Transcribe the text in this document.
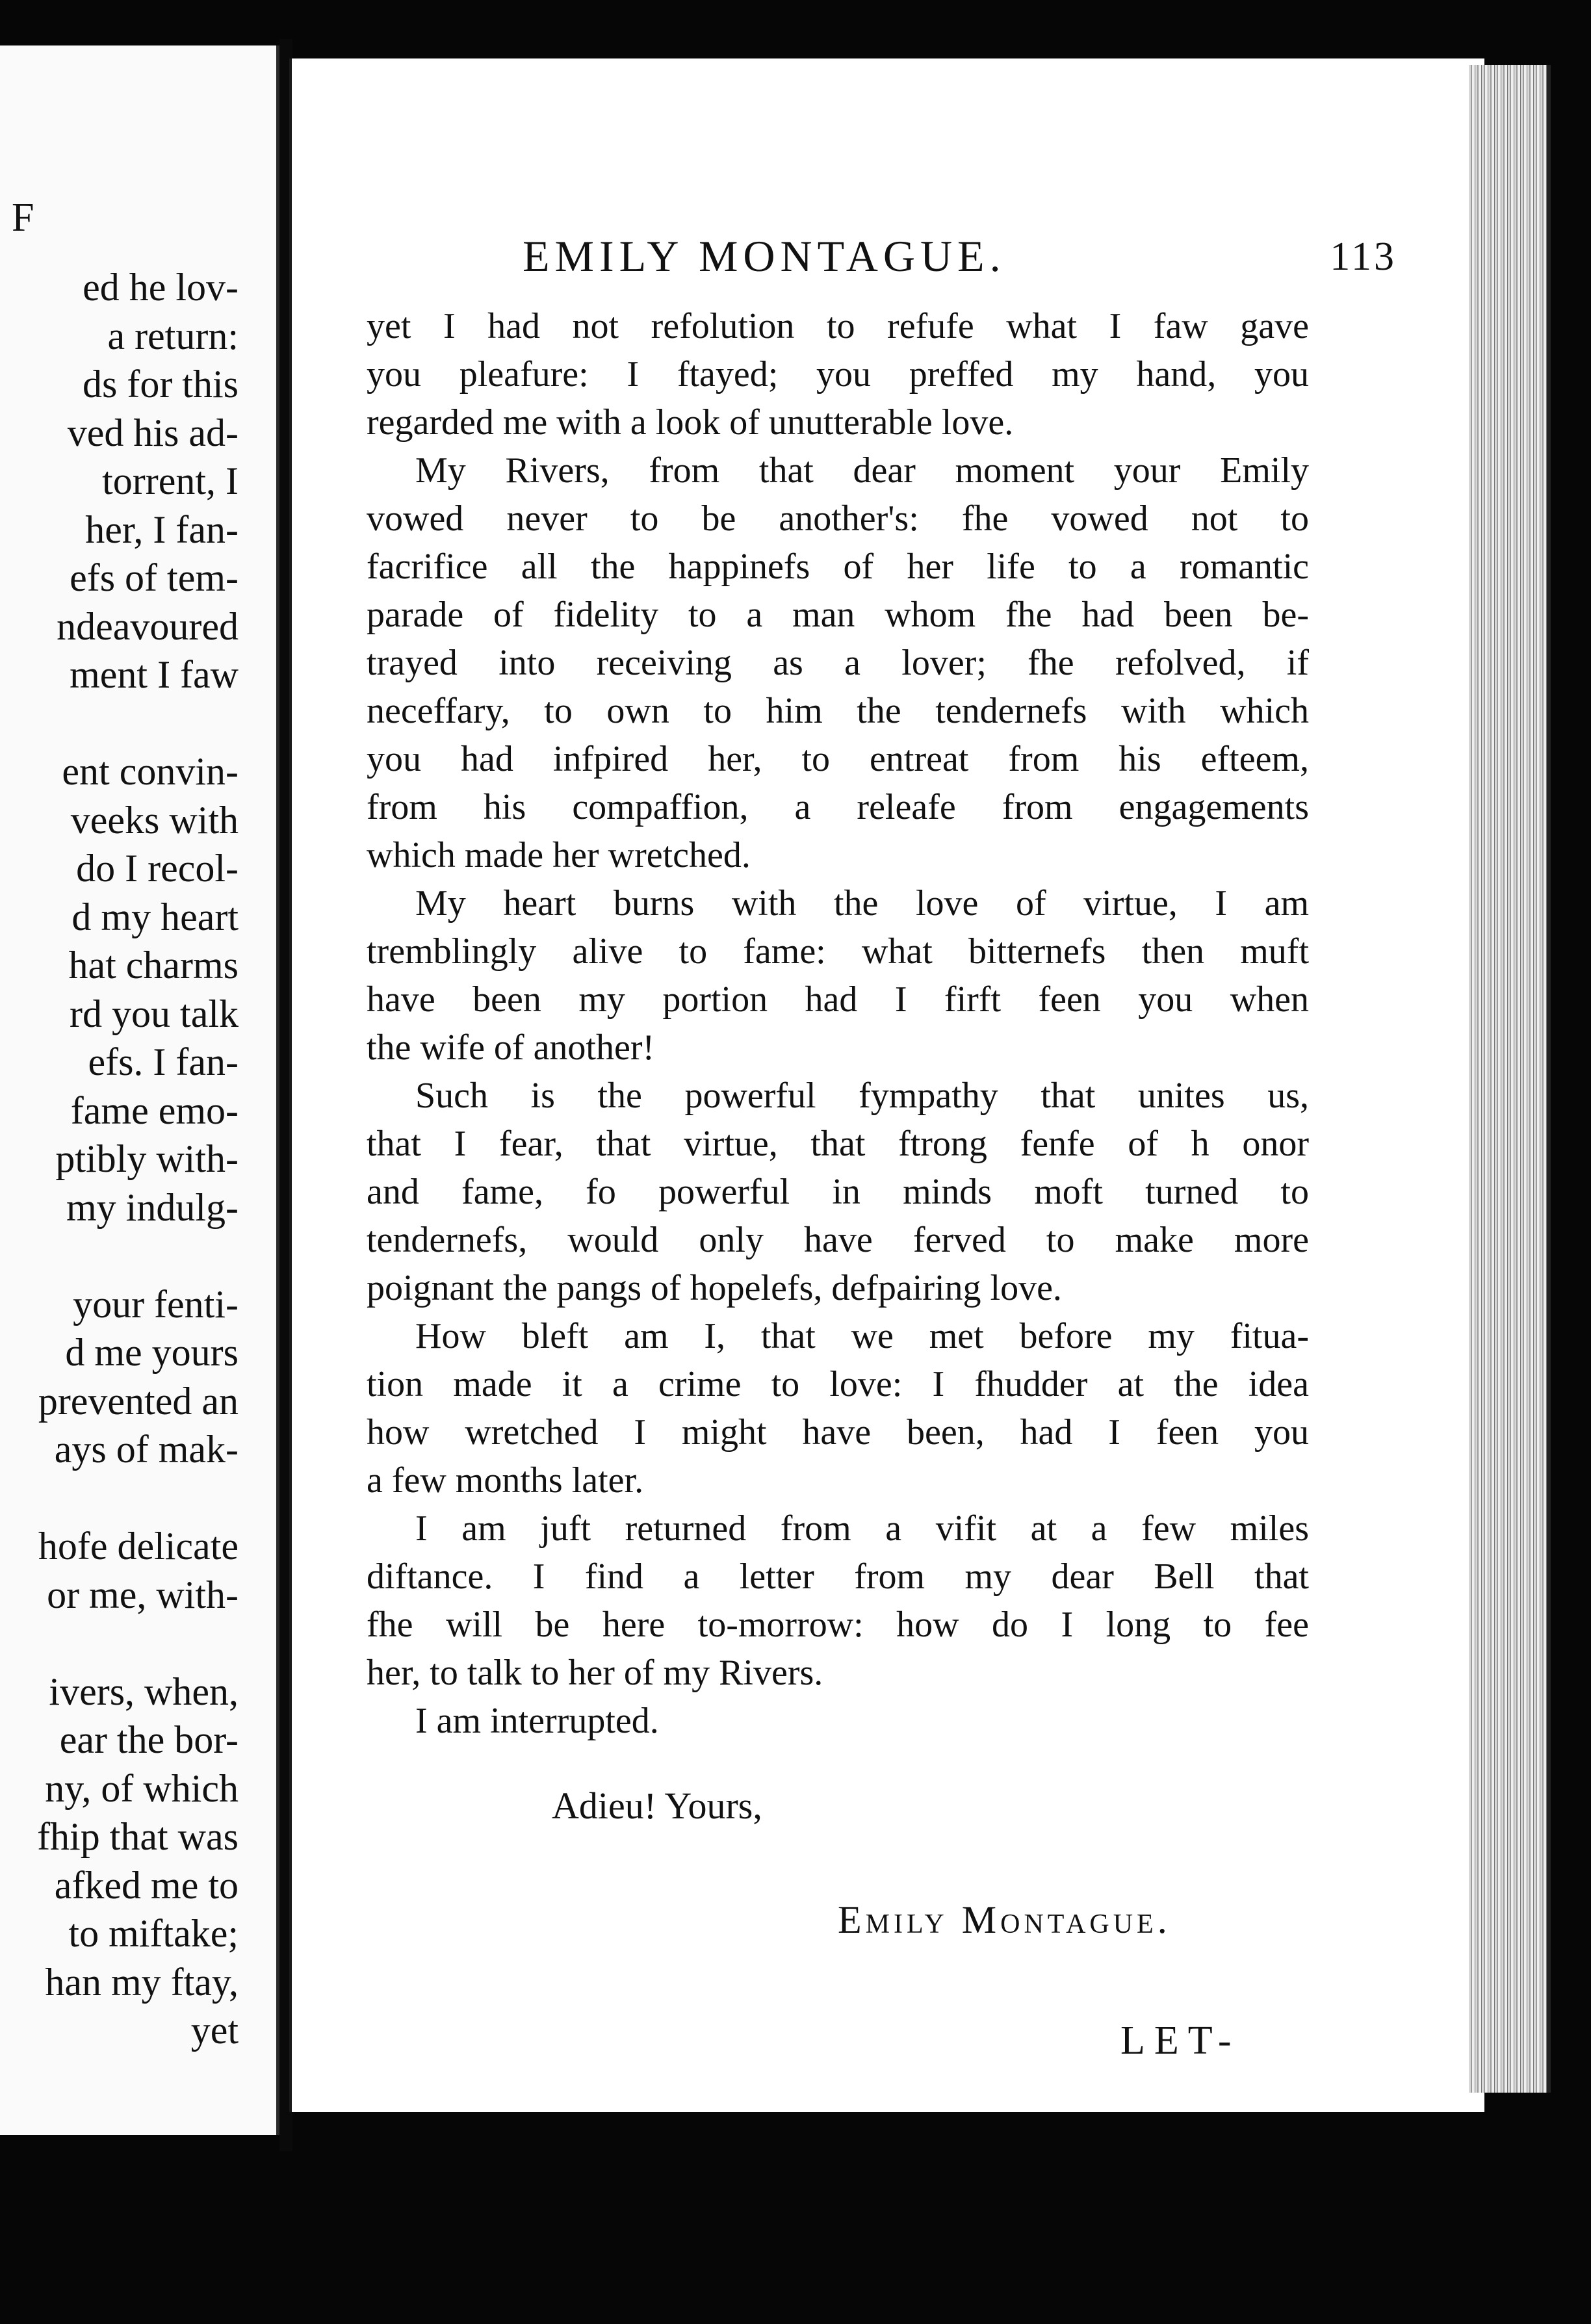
F
ed he lov-
a return:
ds for this
ved his ad-
torrent, I
her, I fan-
efs of tem-
ndeavoured
ment I faw
ent convin-
veeks with
do I recol-
d my heart
hat charms
rd you talk
efs. I fan-
fame emo-
ptibly with-
my indulg-
your fenti-
d me yours
prevented an
ays of mak-
hofe delicate
or me, with-
ivers, when,
ear the bor-
ny, of which
fhip that was
afked me to
to miftake;
han my ftay,
yet
EMILY MONTAGUE.	113
yet I had not refolution to refufe what I faw gave
you pleafure: I ftayed; you preffed my hand, you
regarded me with a look of unutterable love.
My Rivers, from that dear moment your Emily
vowed never to be another's: fhe vowed not to
facrifice all the happinefs of her life to a romantic
parade of fidelity to a man whom fhe had been be-
trayed into receiving as a lover; fhe refolved, if
neceffary, to own to him the tendernefs with which
you had infpired her, to entreat from his efteem,
from his compaffion, a releafe from engagements
which made her wretched.
My heart burns with the love of virtue, I am
tremblingly alive to fame: what bitternefs then muft
have been my portion had I firft feen you when
the wife of another!
Such is the powerful fympathy that unites us,
that I fear, that virtue, that ftrong fenfe of h onor
and fame, fo powerful in minds moft turned to
tendernefs, would only have ferved to make more
poignant the pangs of hopelefs, defpairing love.
How bleft am I, that we met before my fitua-
tion made it a crime to love: I fhudder at the idea
how wretched I might have been, had I feen you
a few months later.
I am juft returned from a vifit at a few miles
diftance. I find a letter from my dear Bell that
fhe will be here to-morrow: how do I long to fee
her, to talk to her of my Rivers.
I am interrupted.
Adieu! Yours,
Emily Montague.
LET-
